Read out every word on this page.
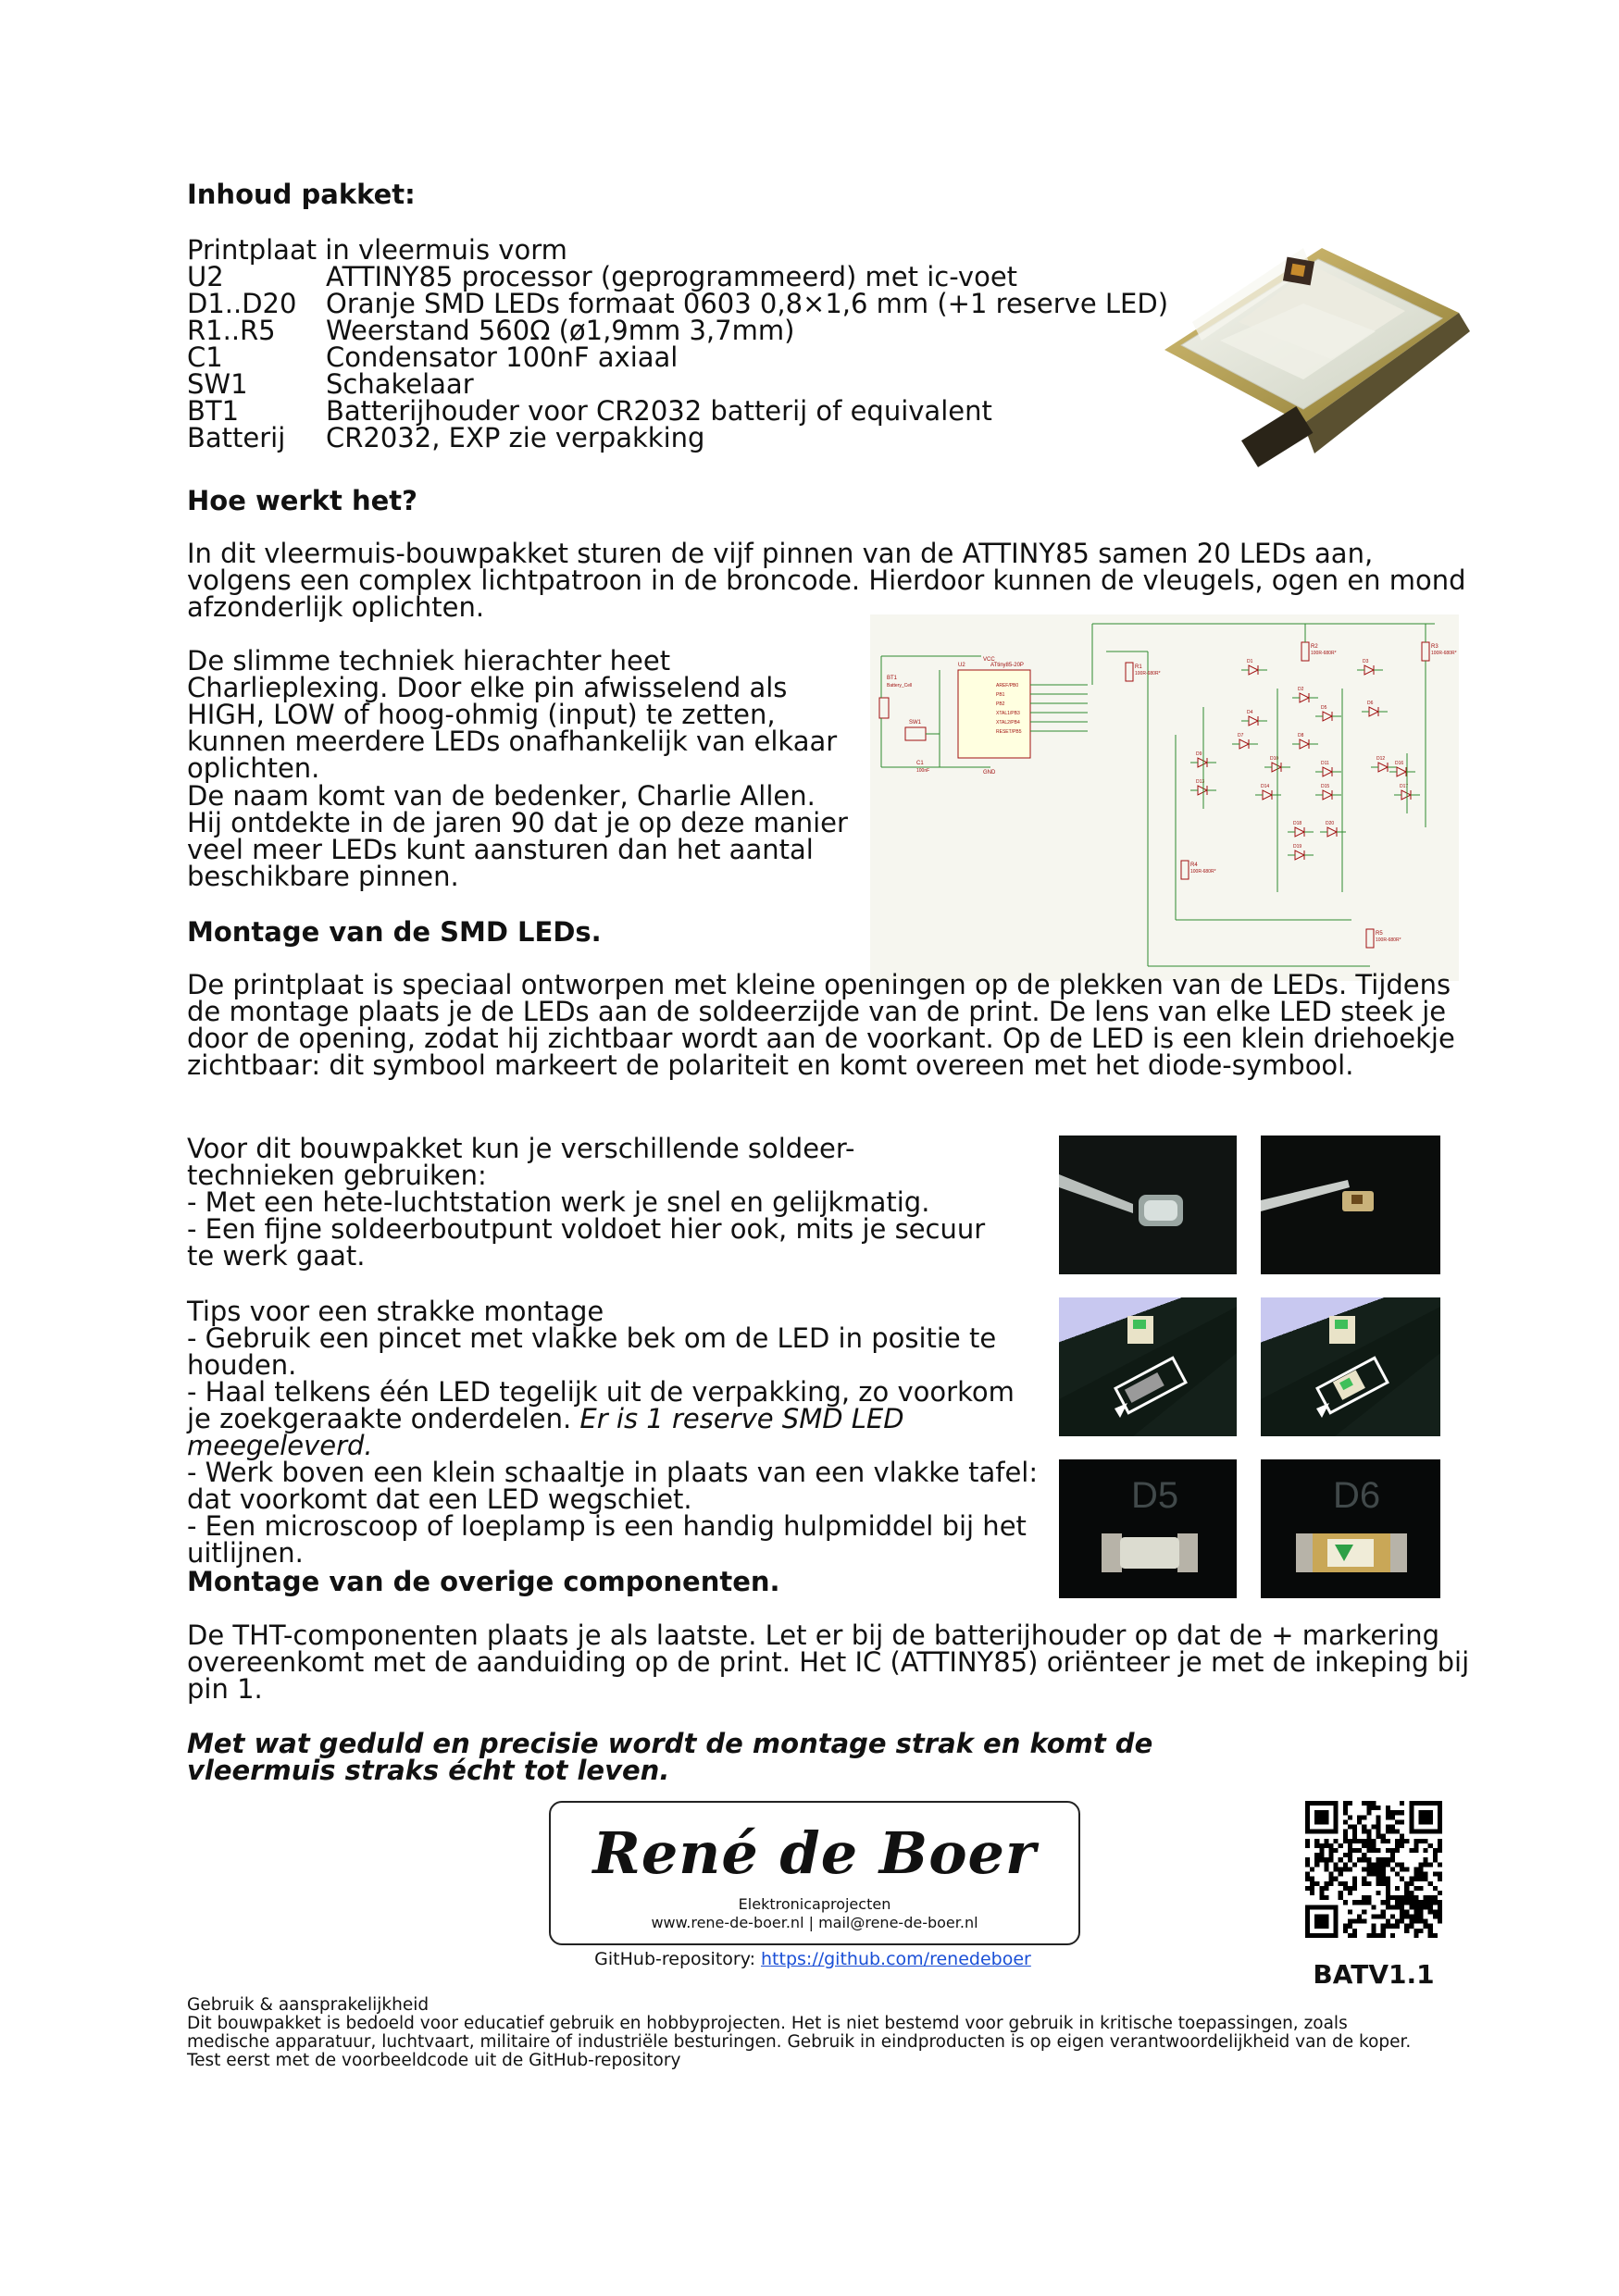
Inhoud pakket:
Printplaat in vleermuis vorm
U2	ATTINY85 processor (geprogrammeerd) met ic-voet
D1..D20	Oranje SMD LEDs formaat 0603 0,8×1,6 mm (+1 reserve LED)
R1..R5	Weerstand 560Ω (ø1,9mm 3,7mm)
C1	Condensator 100nF axiaal
SW1	Schakelaar
BT1	Batterijhouder voor CR2032 batterij of equivalent
Batterij	CR2032, EXP zie verpakking
Hoe werkt het?

In dit vleermuis-bouwpakket sturen de vijf pinnen van de ATTINY85 samen 20 LEDs aan, volgens een complex lichtpatroon in de broncode. Hierdoor kunnen de vleugels, ogen en mond afzonderlijk oplichten.

De slimme techniek hierachter heet Charlieplexing. Door elke pin afwisselend als HIGH, LOW of hoog-ohmig (input) te zetten, kunnen meerdere LEDs onafhankelijk van elkaar oplichten.

De naam komt van de bedenker, Charlie Allen. Hij ontdekte in de jaren 90 dat je op deze manier veel meer LEDs kunt aansturen dan het aantal beschikbare pinnen.

U2	ATtiny85-20P
AREF/PB0
PB1
PB2
XTAL1/PB3
XTAL2/PB4
RESET/PB5
BT1
Battery_Cell
SW1
C1
100nF
VCC
GND
R1
100R-680R*
R2
100R-680R*
R3
100R-680R*
R4
100R-680R*
R5
100R-680R*
D1
D2
D3
D4
D5
D6
D7	D8
D9
D10
D11
D12
D13
D14	D15
D16
D17
D18
D19
D20
Montage van de SMD LEDs.

De printplaat is speciaal ontworpen met kleine openingen op de plekken van de LEDs. Tijdens de montage plaats je de LEDs aan de soldeerzijde van de print. De lens van elke LED steek je door de opening, zodat hij zichtbaar wordt aan de voorkant. Op de LED is een klein driehoekje zichtbaar: dit symbool markeert de polariteit en komt overeen met het diode-symbool.

Voor dit bouwpakket kun je verschillende soldeer-technieken gebruiken:
- Met een hete-luchtstation werk je snel en gelijkmatig.
- Een fijne soldeerboutpunt voldoet hier ook, mits je secuur te werk gaat.

Tips voor een strakke montage
- Gebruik een pincet met vlakke bek om de LED in positie te houden.
- Haal telkens één LED tegelijk uit de verpakking, zo voorkom je zoekgeraakte onderdelen. Er is 1 reserve SMD LED meegeleverd.
- Werk boven een klein schaaltje in plaats van een vlakke tafel: dat voorkomt dat een LED wegschiet.
- Een microscoop of loeplamp is een handig hulpmiddel bij het uitlijnen.

D5	D6
Montage van de overige componenten.

De THT-componenten plaats je als laatste. Let er bij de batterijhouder op dat de + markering overeenkomt met de aanduiding op de print. Het IC (ATTINY85) oriënteer je met de inkeping bij pin 1.

Met wat geduld en precisie wordt de montage strak en komt de vleermuis straks écht tot leven.

René de Boer
Elektronicaprojecten
www.rene-de-boer.nl | mail@rene-de-boer.nl
GitHub-repository: https://github.com/renedeboer	BATV1.1
Gebruik & aansprakelijkheid
Dit bouwpakket is bedoeld voor educatief gebruik en hobbyprojecten. Het is niet bestemd voor gebruik in kritische toepassingen, zoals medische apparatuur, luchtvaart, militaire of industriële besturingen. Gebruik in eindproducten is op eigen verantwoordelijkheid van de koper. Test eerst met de voorbeeldcode uit de GitHub-repository
